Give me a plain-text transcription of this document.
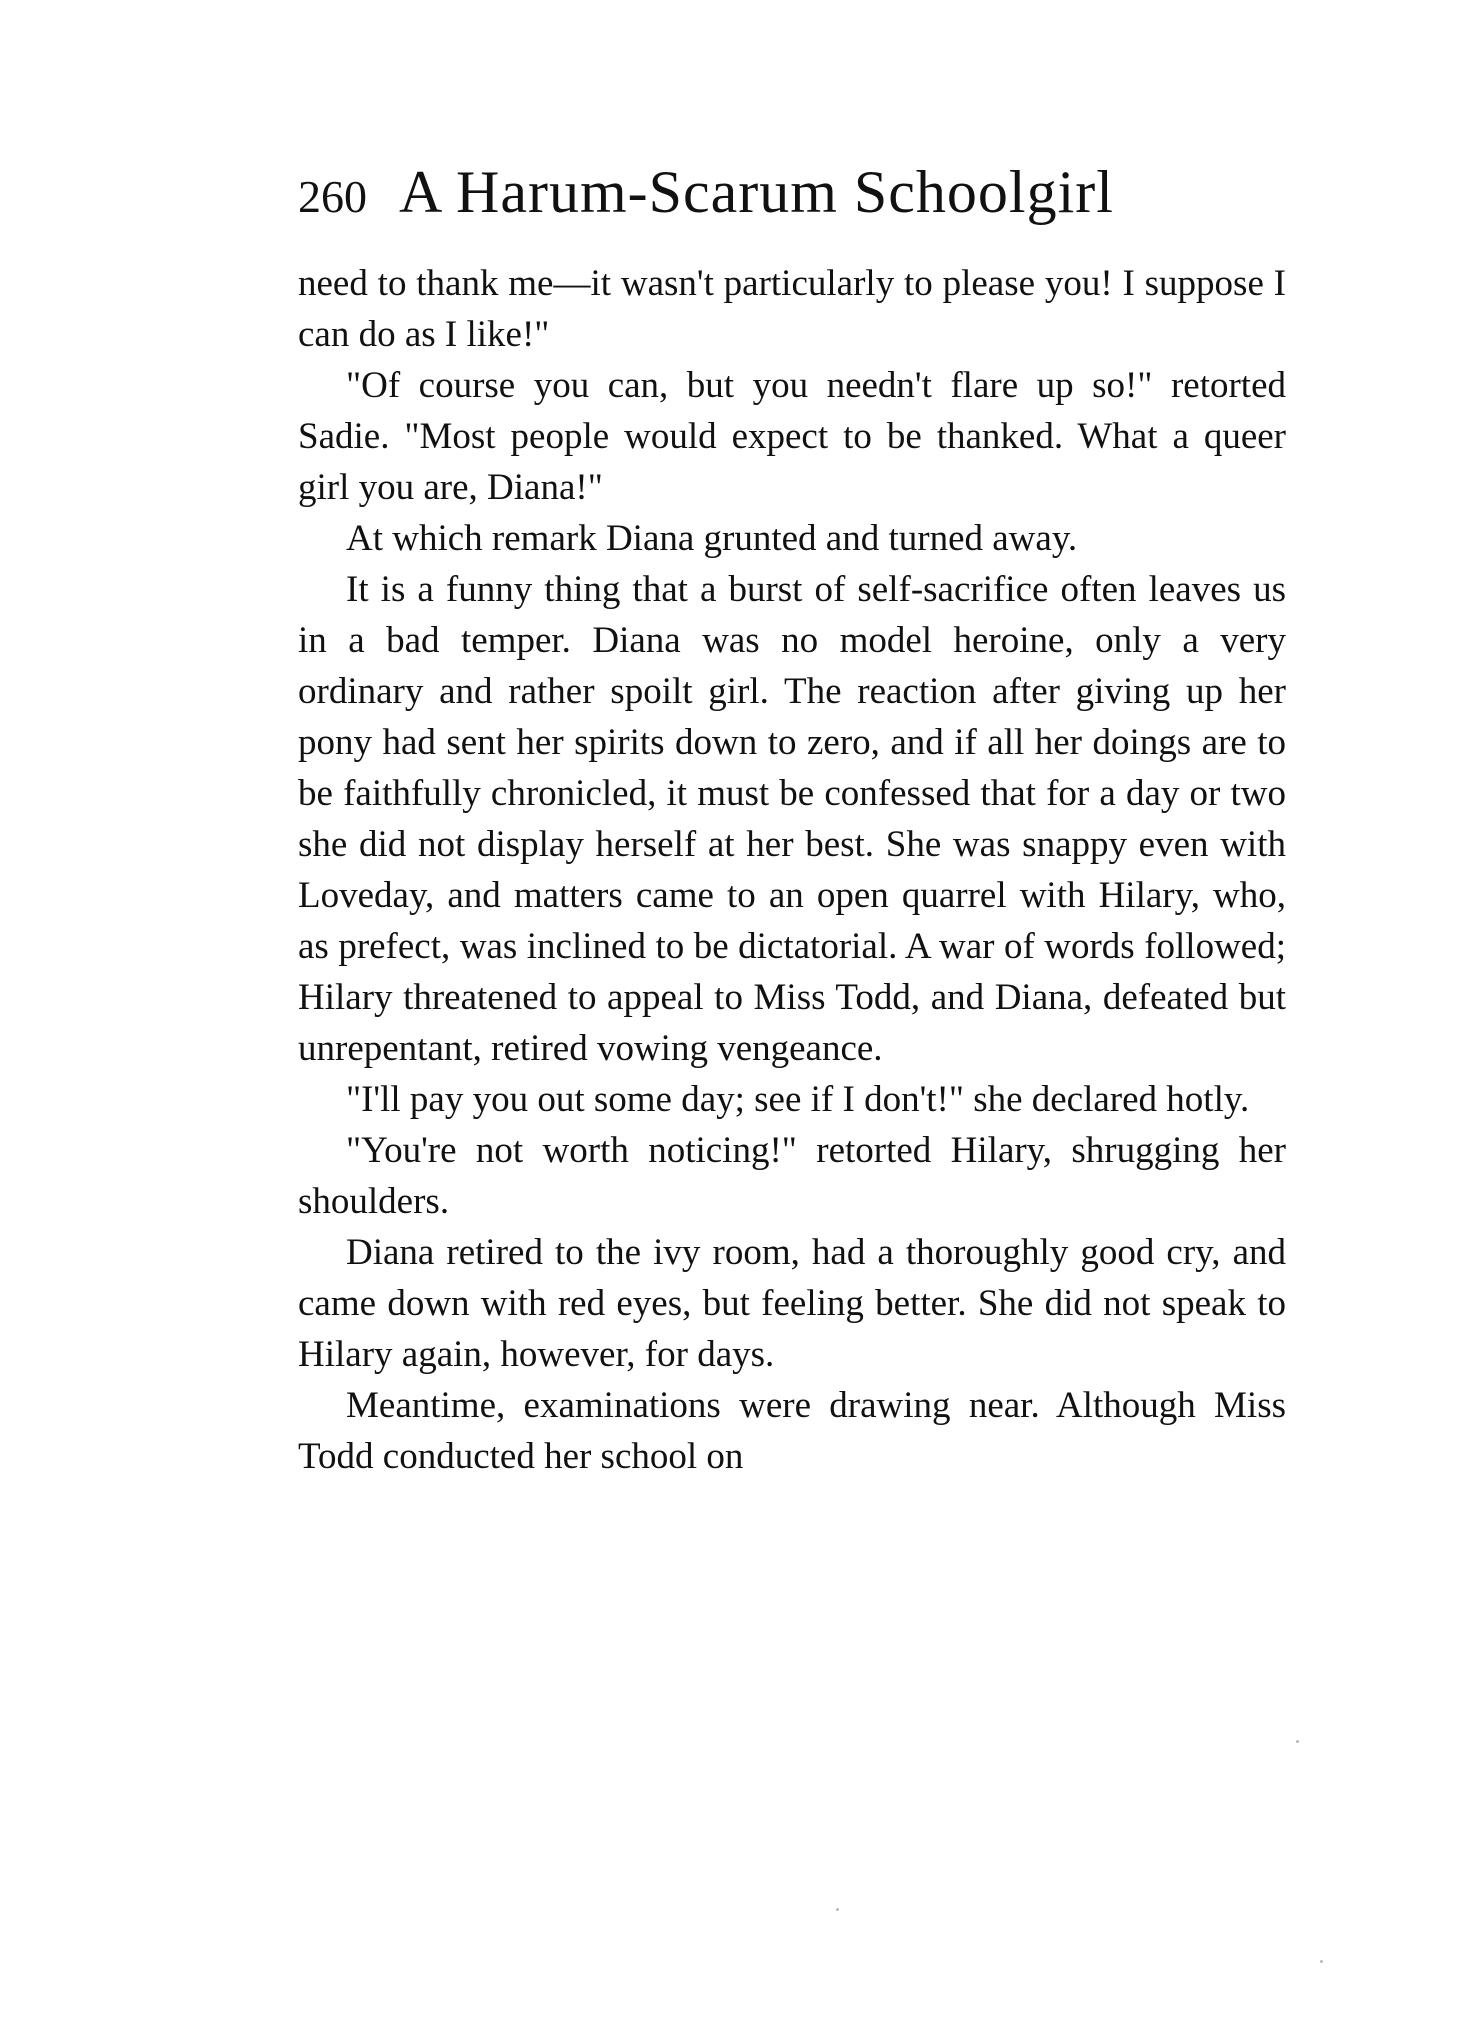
260 A Harum-Scarum Schoolgirl

need to thank me—it wasn't particularly to please you! I suppose I can do as I like!"

"Of course you can, but you needn't flare up so!" retorted Sadie. "Most people would expect to be thanked. What a queer girl you are, Diana!"

At which remark Diana grunted and turned away.

It is a funny thing that a burst of self-sacrifice often leaves us in a bad temper. Diana was no model heroine, only a very ordinary and rather spoilt girl. The reaction after giving up her pony had sent her spirits down to zero, and if all her doings are to be faithfully chronicled, it must be confessed that for a day or two she did not display herself at her best. She was snappy even with Loveday, and matters came to an open quarrel with Hilary, who, as prefect, was inclined to be dictatorial. A war of words followed; Hilary threatened to appeal to Miss Todd, and Diana, defeated but unrepentant, retired vowing vengeance.

"I'll pay you out some day; see if I don't!" she declared hotly.

"You're not worth noticing!" retorted Hilary, shrugging her shoulders.

Diana retired to the ivy room, had a thoroughly good cry, and came down with red eyes, but feeling better. She did not speak to Hilary again, however, for days.

Meantime, examinations were drawing near. Although Miss Todd conducted her school on
